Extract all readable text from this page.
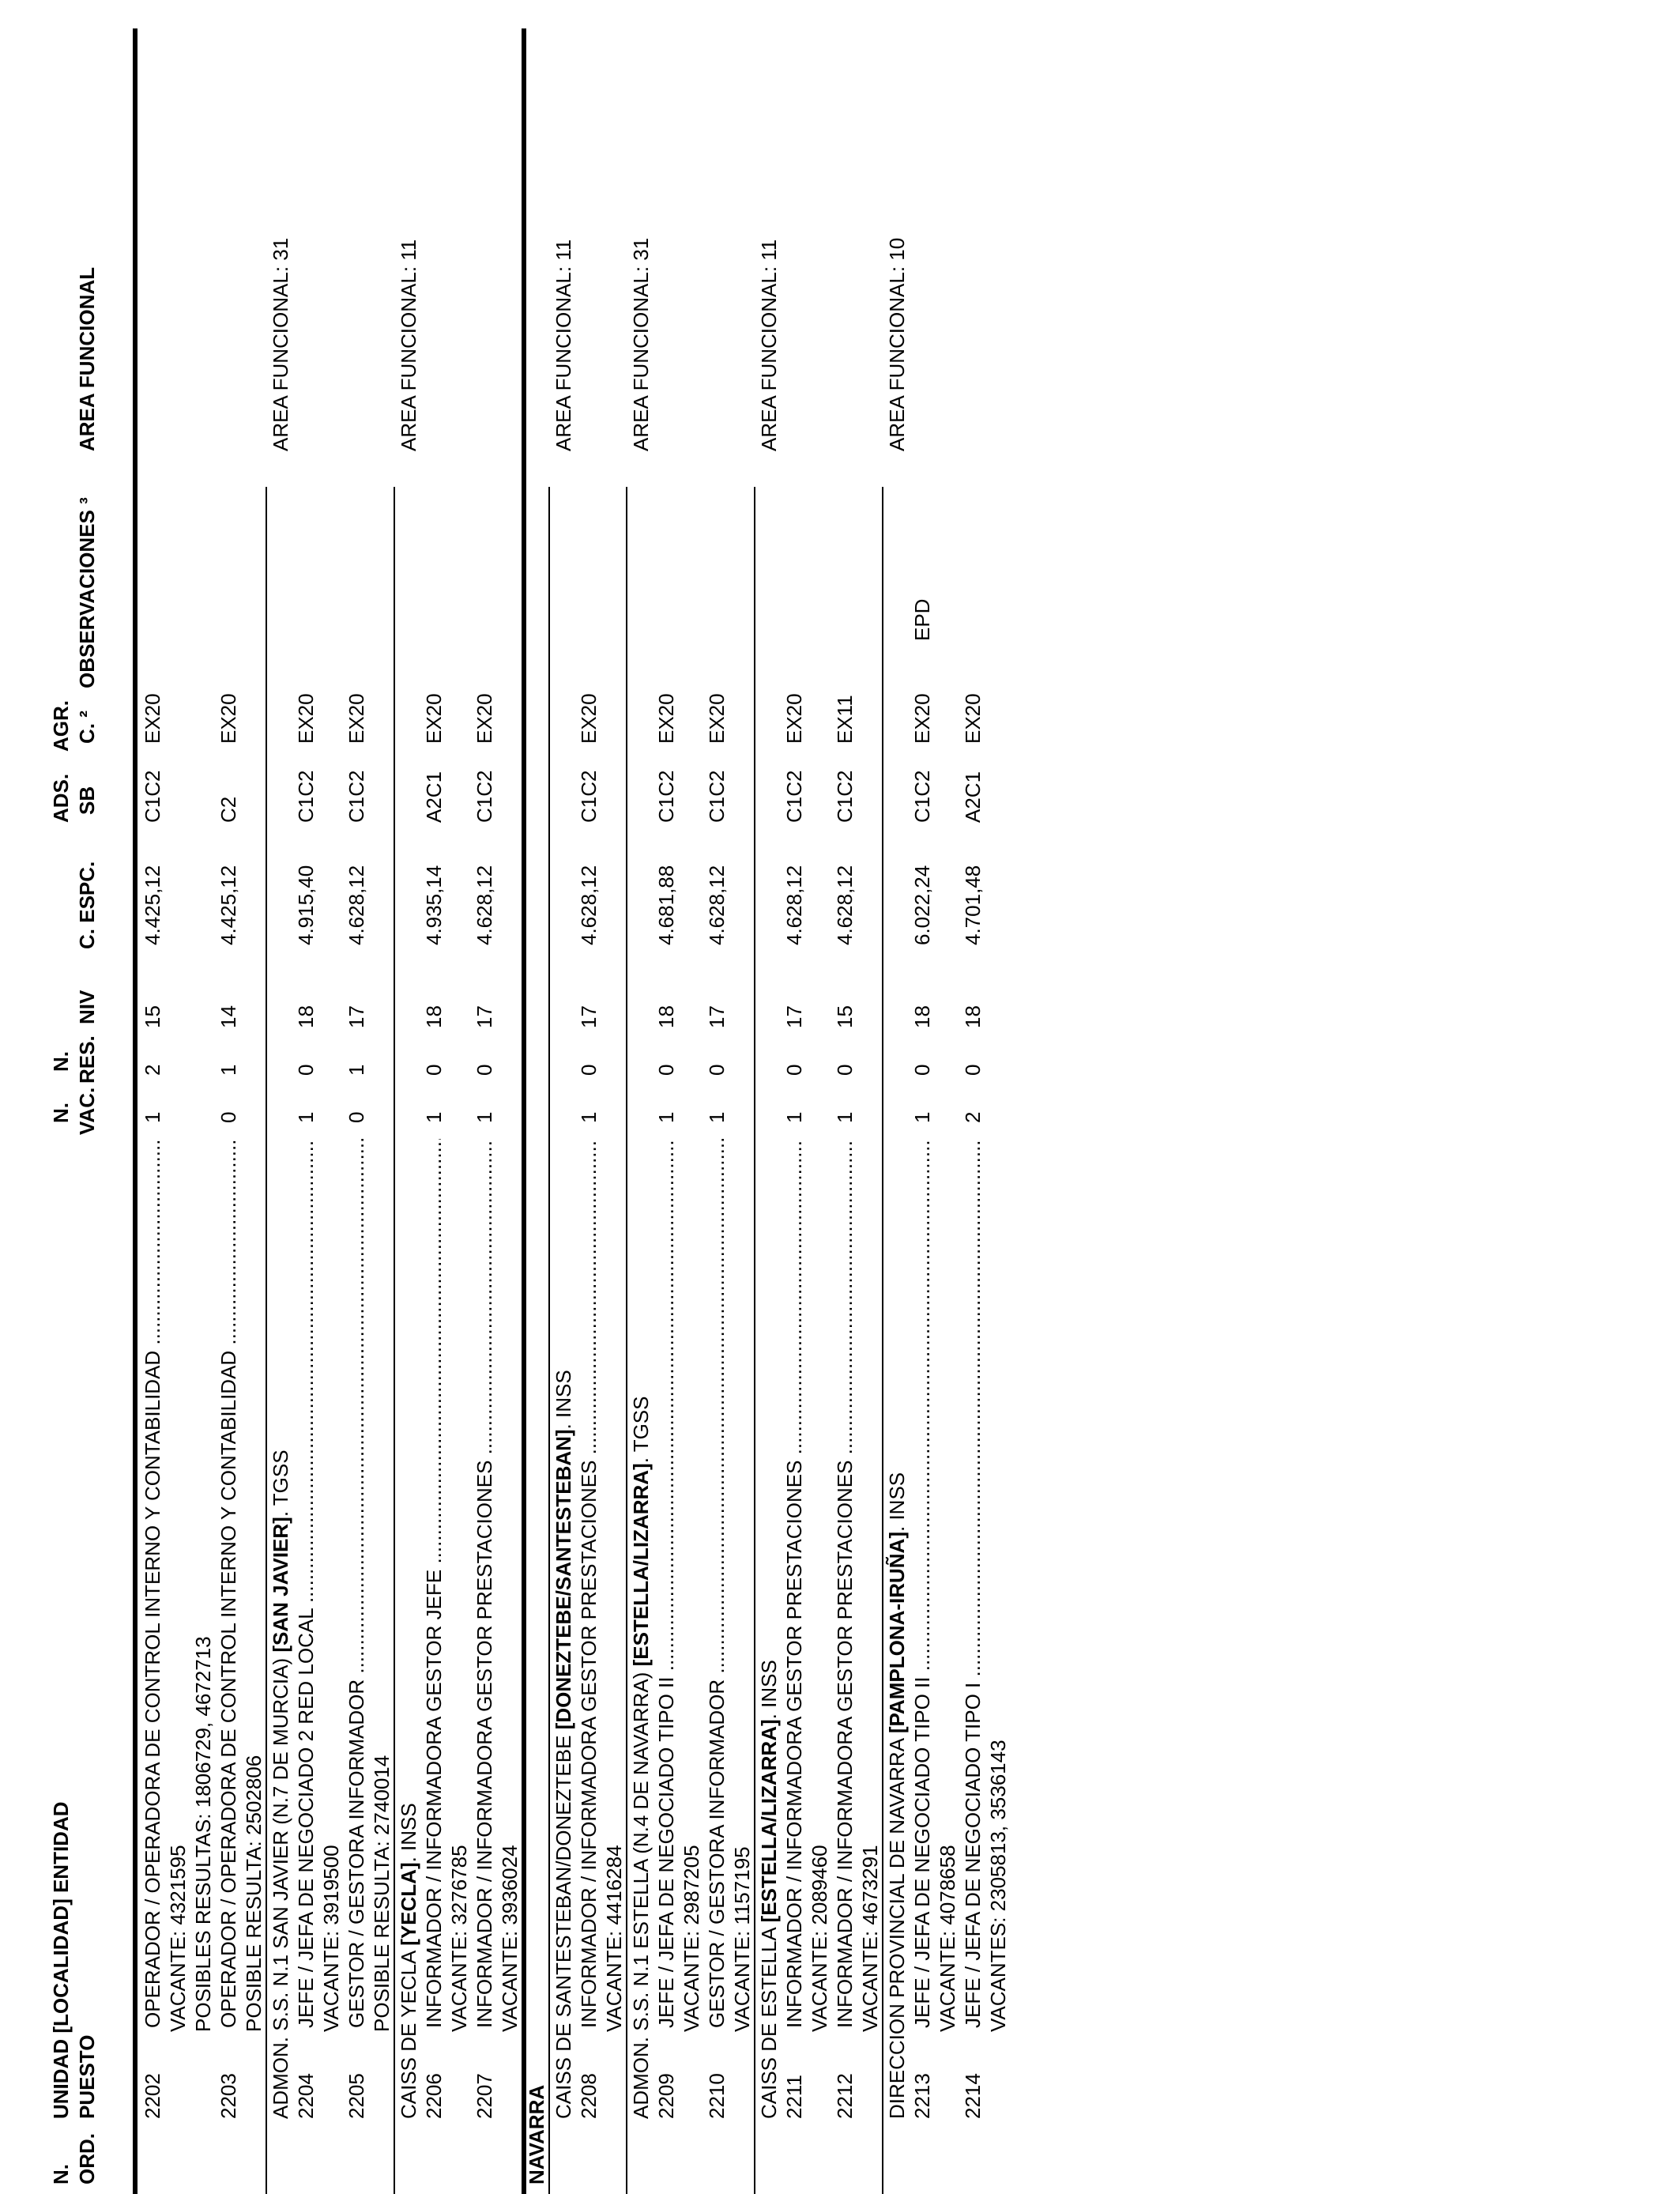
N. ORD.
UNIDAD [LOCALIDAD] ENTIDAD PUESTO
N. VAC.
N. RES.
NIV
C. ESPC.
ADS. SB
AGR. C. ²
OBSERVACIONES ³
AREA FUNCIONAL
2202
OPERADOR / OPERADORA DE CONTROL INTERNO Y CONTABILIDAD .....
1
2
15
4.425,12
C1C2
EX20
VACANTE: 4321595 POSIBLES RESULTAS: 1806729, 4672713
2203
OPERADOR / OPERADORA DE CONTROL INTERNO Y CONTABILIDAD .....
0
1
14
4.425,12
C2
EX20
POSIBLE RESULTA: 2502806 ADMON. S.S. N.1 SAN JAVIER (N.7 DE MURCIA) [SAN JAVIER]. TGSS
AREA FUNCIONAL: 31
2204
JEFE / JEFA DE NEGOCIADO 2 RED LOCAL .....
1
0
18
4.915,40
C1C2
EX20
VACANTE: 3919500
2205
GESTOR / GESTORA INFORMADOR .....
0
1
17
4.628,12
C1C2
EX20
POSIBLE RESULTA: 2740014
CAISS DE YECLA [YECLA]. INSS
AREA FUNCIONAL: 11
2206
INFORMADOR / INFORMADORA GESTOR JEFE .....
1
0
18
4.935,14
A2C1
EX20
VACANTE: 3276785
2207
INFORMADOR / INFORMADORA GESTOR PRESTACIONES .....
1
0
17
4.628,12
C1C2
EX20
VACANTE: 3936024
NAVARRA
CAISS DE SANTESTEBAN/DONEZTEBE [DONEZTEBE/SANTESTEBAN]. INSS
AREA FUNCIONAL: 11
2208
INFORMADOR / INFORMADORA GESTOR PRESTACIONES .....
1
0
17
4.628,12
C1C2
EX20
VACANTE: 4416284 ADMON. S.S. N.1 ESTELLA (N.4 DE NAVARRA) [ESTELLA/LIZARRA]. TGSS
AREA FUNCIONAL: 31
2209
JEFE / JEFA DE NEGOCIADO TIPO II .....
1
0
18
4.681,88
C1C2
EX20
VACANTE: 2987205
2210
GESTOR / GESTORA INFORMADOR .....
1
0
17
4.628,12
C1C2
EX20
VACANTE: 1157195 CAISS DE ESTELLA [ESTELLA/LIZARRA]. INSS
AREA FUNCIONAL: 11
2211
INFORMADOR / INFORMADORA GESTOR PRESTACIONES .....
1
0
17
4.628,12
C1C2
EX20
VACANTE: 2089460
2212
INFORMADOR / INFORMADORA GESTOR PRESTACIONES .....
1
0
15
4.628,12
C1C2
EX11
VACANTE: 4673291 DIRECCION PROVINCIAL DE NAVARRA [PAMPLONA-IRUÑA]. INSS
AREA FUNCIONAL: 10
2213
JEFE / JEFA DE NEGOCIADO TIPO II .....
1
0
18
6.022,24
C1C2
EX20
EPD
VACANTE: 4078658
2214
JEFE / JEFA DE NEGOCIADO TIPO I .....
2
0
18
4.701,48
A2C1
EX20
VACANTES: 2305813, 3536143
